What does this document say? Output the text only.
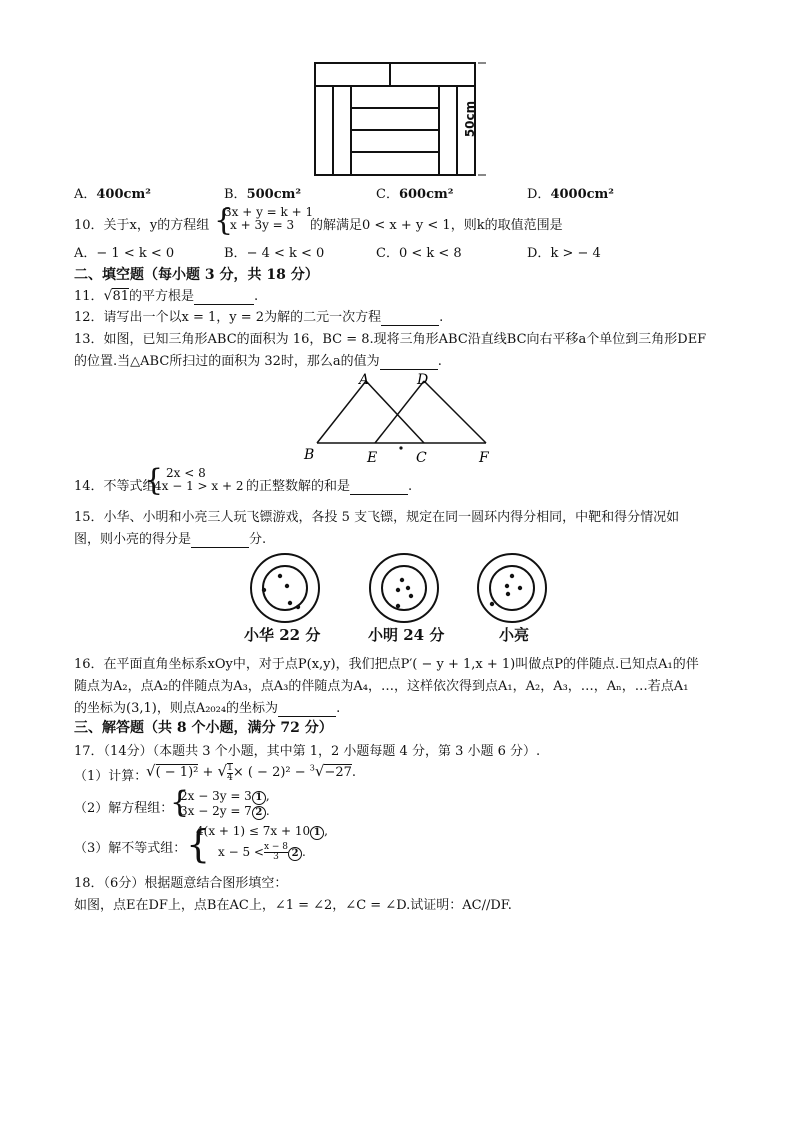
50cm
A．400cm²	B．500cm²	C．600cm²	D．4000cm²
10．关于x，y的方程组 {
3x + y = k + 1
x + 3y = 3	的解满足0 < x + y < 1，则k的取值范围是
A．− 1 < k < 0	B．− 4 < k < 0	C．0 < k < 8	D．k > − 4
二、填空题（每小题 3 分，共 18 分）
11．√81的平方根是	.
12．请写出一个以x = 1，y = 2为解的二元一次方程	.
13．如图，已知三角形ABC的面积为 16，BC = 8.现将三角形ABC沿直线BC向右平移a个单位到三角形DEF
的位置.当△ABC所扫过的面积为 32时，那么a的值为	.
A	D
B	E	C	F
14．不等式组
{ 2x < 8
4x − 1 > x + 2 的正整数解的和是	.
15．小华、小明和小亮三人玩飞镖游戏，各投 5 支飞镖，规定在同一圆环内得分相同，中靶和得分情况如
图，则小亮的得分是	分.
小华 22 分	小明 24 分	小亮
16．在平面直角坐标系xOy中，对于点P(x,y)，我们把点P′( − y + 1,x + 1)叫做点P的伴随点.已知点A₁的伴
随点为A₂，点A₂的伴随点为A₃，点A₃的伴随点为A₄，…，这样依次得到点A₁，A₂，A₃，…，Aₙ，…若点A₁
的坐标为(3,1)，则点A₂₀₂₄的坐标为	.
三、解答题（共 8 个小题，满分 72 分）
17．（14分）（本题共 3 个小题，其中第 1，2 小题每题 4 分，第 3 小题 6 分）.
（1）计算：
√( − 1)² + √ $\frac{1}{4}$ × ( − 2)² − $^3$√−27.
（2）解方程组：
{
2x − 3y = 3 1 ,
3x − 2y = 7 2 .
（3）解不等式组： {
4(x + 1) ≤ 7x + 10 1 ,
$x - 5 < \frac{x - 8}{3} 2$ .
18．（6分）根据题意结合图形填空：
如图，点E在DF上，点B在AC上，∠1 = ∠2，∠C = ∠D.试证明：AC//DF.
